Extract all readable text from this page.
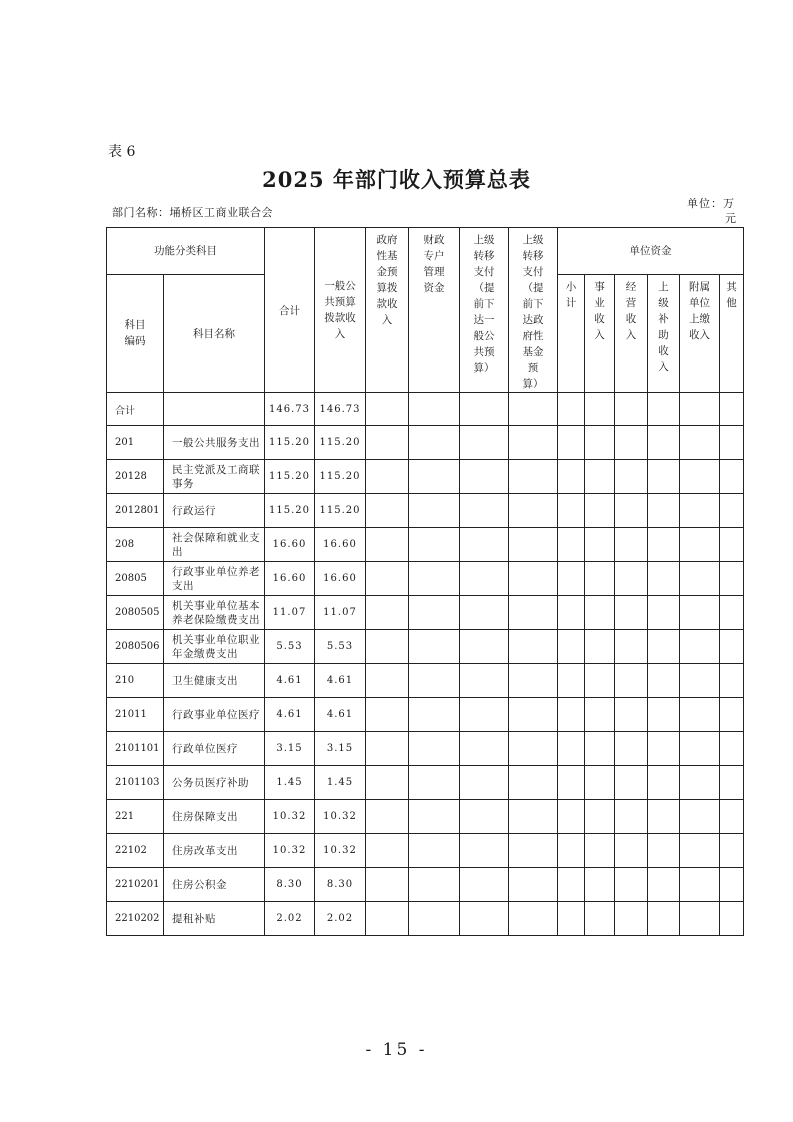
表 6
2025 年部门收入预算总表
部门名称：埇桥区工商业联合会
单位：万
元
功能分类科目		合计	一般公共预算拨款收入	政府性基金预算拨款收入	财政专户管理资金	上级转移支付（提前下达一般公共预算）	上级转移支付（提前下达政府性基金预算）	单位资金					
科目编码	科目名称							小计	事业收入	经营收入	上级补助收入	附属单位上缴收入	其他
合计		146.73	146.73										
201	一般公共服务支出	115.20	115.20										
20128	民主党派及工商联事务	115.20	115.20										
2012801	行政运行	115.20	115.20										
208	社会保障和就业支出	16.60	16.60										
20805	行政事业单位养老支出	16.60	16.60										
2080505	机关事业单位基本养老保险缴费支出	11.07	11.07										
2080506	机关事业单位职业年金缴费支出	5.53	5.53										
210	卫生健康支出	4.61	4.61										
21011	行政事业单位医疗	4.61	4.61										
2101101	行政单位医疗	3.15	3.15										
2101103	公务员医疗补助	1.45	1.45										
221	住房保障支出	10.32	10.32										
22102	住房改革支出	10.32	10.32										
2210201	住房公积金	8.30	8.30										
2210202	提租补贴	2.02	2.02										
- 15 -
